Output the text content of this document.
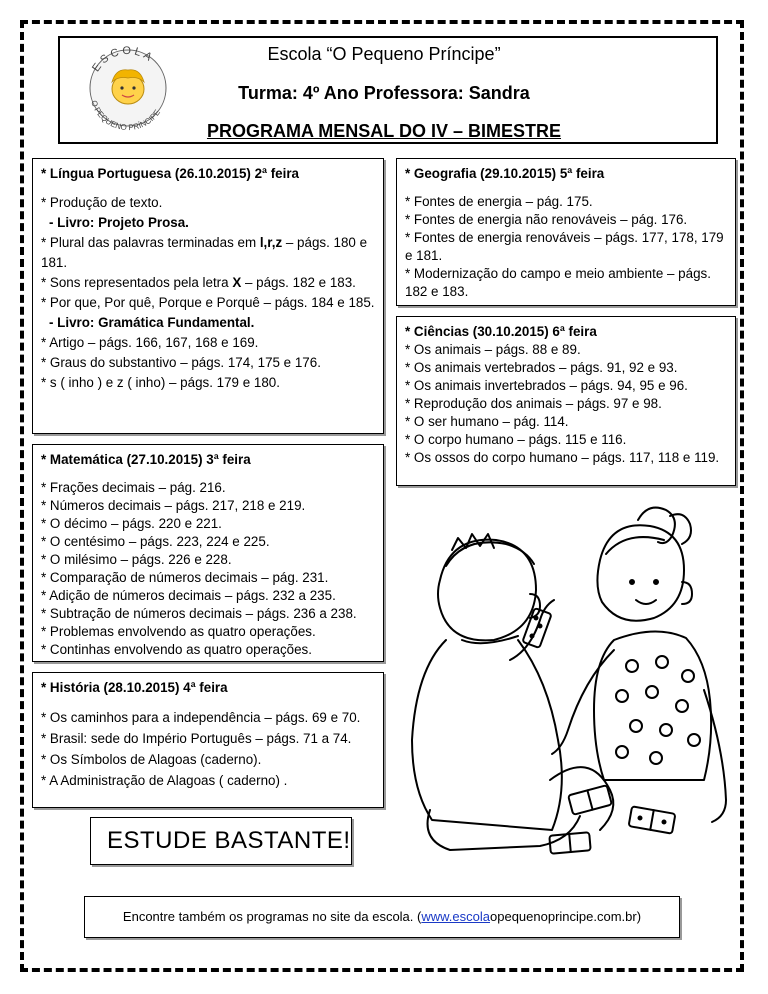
ESCOLA
O PEQUENO PRÍNCIPE
Escola “O Pequeno Príncipe”
Turma: 4º Ano Professora: Sandra
PROGRAMA MENSAL DO IV – BIMESTRE
* Língua Portuguesa (26.10.2015) 2ª feira

* Produção de texto.

- Livro: Projeto Prosa.

* Plural das palavras terminadas em l,r,z – págs. 180 e 181.

* Sons representados pela letra X – págs. 182 e 183.

* Por que, Por quê, Porque e Porquê – págs. 184 e 185.

- Livro: Gramática Fundamental.

* Artigo – págs. 166, 167, 168 e 169.

* Graus do substantivo – págs. 174, 175 e 176.

* s ( inho ) e z ( inho) – págs. 179 e 180.

* Matemática (27.10.2015) 3ª feira

* Frações decimais – pág. 216.

* Números decimais – págs. 217, 218 e 219.

* O décimo – págs. 220 e 221.

* O centésimo – págs. 223, 224 e 225.

* O milésimo – págs. 226 e 228.

* Comparação de números decimais – pág. 231.

* Adição de números decimais – págs. 232 a 235.

* Subtração de números decimais – págs. 236 a 238.

* Problemas envolvendo as quatro operações.

* Continhas envolvendo as quatro operações.

* Geografia (29.10.2015) 5ª feira

* Fontes de energia – pág. 175.

* Fontes de energia não renováveis – pág. 176.

* Fontes de energia renováveis – págs. 177, 178, 179 e 181.

* Modernização do campo e meio ambiente – págs. 182 e 183.

* Ciências (30.10.2015) 6ª feira

* Os animais – págs. 88 e 89.

* Os animais vertebrados – págs. 91, 92 e 93.

* Os animais invertebrados – págs. 94, 95 e 96.

* Reprodução dos animais – págs. 97 e 98.

* O ser humano – pág. 114.

* O corpo humano – págs. 115 e 116.

* Os ossos do corpo humano – págs. 117, 118 e 119.

* História (28.10.2015) 4ª feira

* Os caminhos para a independência – págs. 69 e 70.

* Brasil: sede do Império Português – págs. 71 a 74.

* Os Símbolos de Alagoas (caderno).

* A Administração de Alagoas ( caderno) .

ESTUDE BASTANTE!
Encontre também os programas no site da escola. (www.escolaopequenoprincipe.com.br)
